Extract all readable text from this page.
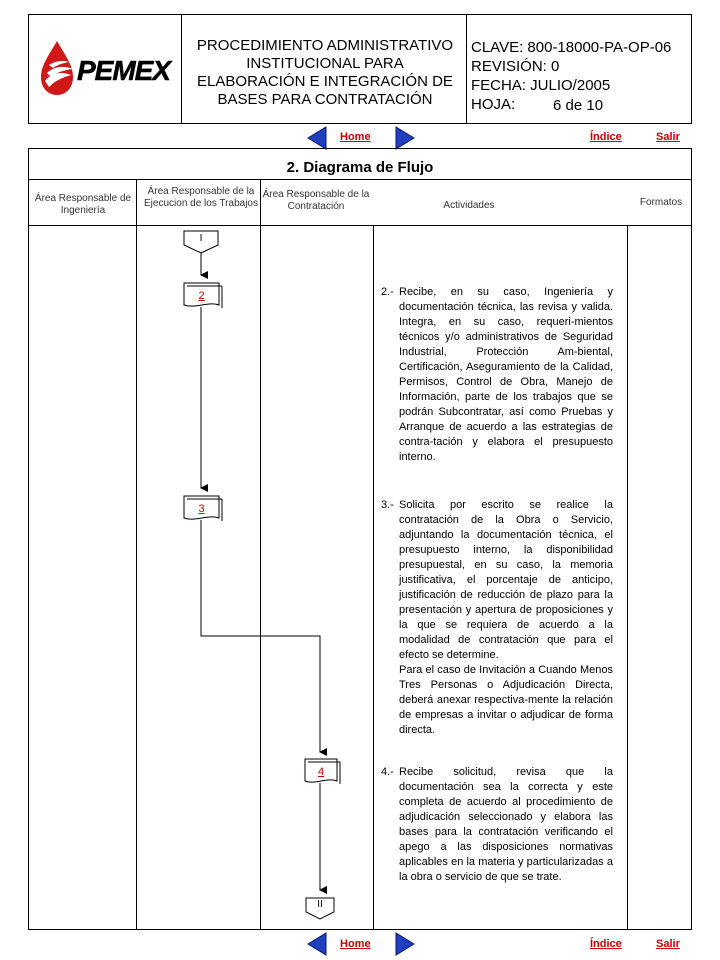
PEMEX
PROCEDIMIENTO ADMINISTRATIVO
INSTITUCIONAL PARA
ELABORACIÓN E INTEGRACIÓN DE
BASES PARA CONTRATACIÓN
CLAVE: 800-18000-PA-OP-06
REVISIÓN: 0
FECHA: JULIO/2005
HOJA:	6 de 10
Home	Índice	Salir
2. Diagrama de Flujo
Área Responsable de Ingeniería
Área Responsable de la Ejecucion de los Trabajos
Área Responsable de la Contratación	Actividades	Formatos
I
II
2
3
4
2.- Recibe, en su caso, Ingeniería y documentación técnica, las revisa y valida. Integra, en su caso, requeri-mientos técnicos y/o administrativos de Seguridad Industrial, Protección Am-biental, Certificación, Aseguramiento de la Calidad, Permisos, Control de Obra, Manejo de Información, parte de los trabajos que se podrán Subcontratar, así como Pruebas y Arranque de acuerdo a las estrategias de contra-tación y elabora el presupuesto interno.
3.- Solicita por escrito se realice la contratación de la Obra o Servicio, adjuntando la documentación técnica, el presupuesto interno, la disponibilidad presupuestal, en su caso, la memoria justificativa, el porcentaje de anticipo, justificación de reducción de plazo para la presentación y apertura de proposiciones y la que se requiera de acuerdo a la modalidad de contratación que para el efecto se determine.
Para el caso de Invitación a Cuando Menos Tres Personas o Adjudicación Directa, deberá anexar respectiva-mente la relación de empresas a invitar o adjudicar de forma directa.
4.- Recibe solicitud, revisa que la documentación sea la correcta y este completa de acuerdo al procedimiento de adjudicación seleccionado y elabora las bases para la contratación verificando el apego a las disposiciones normativas aplicables en la materia y particularizadas a la obra o servicio de que se trate.
Home	Índice	Salir
